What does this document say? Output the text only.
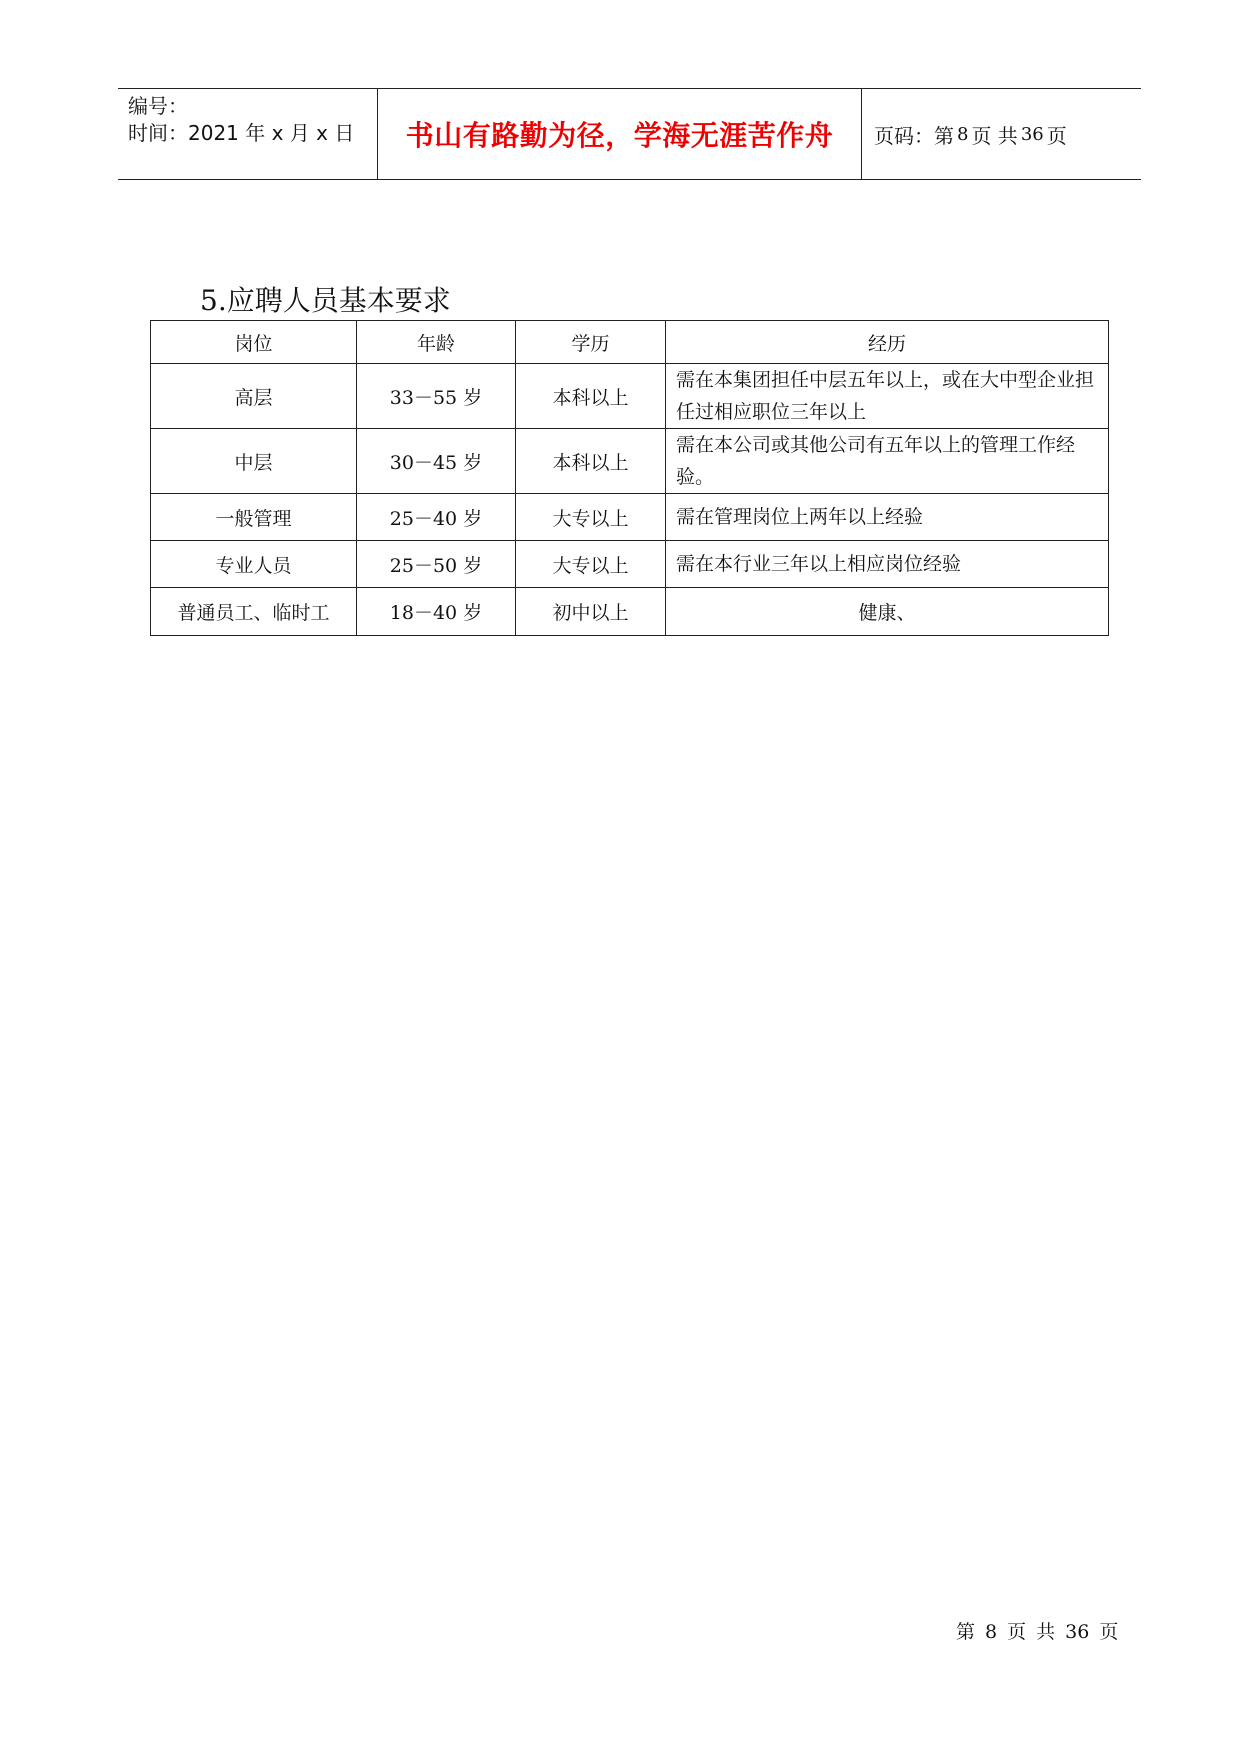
编号：
时间：2021 年 x 月 x 日	书山有路勤为径，学海无涯苦作舟 页码：第 8 页 共 36 页
5.应聘人员基本要求
岗位	年龄	学历	经历
高层	33－55 岁	本科以上	需在本集团担任中层五年以上，或在大中型企业担任过相应职位三年以上
中层	30－45 岁	本科以上	需在本公司或其他公司有五年以上的管理工作经验。
一般管理	25－40 岁	大专以上	需在管理岗位上两年以上经验
专业人员	25－50 岁	大专以上	需在本行业三年以上相应岗位经验
普通员工、临时工	18－40 岁	初中以上	健康、
第 8 页 共 36 页
